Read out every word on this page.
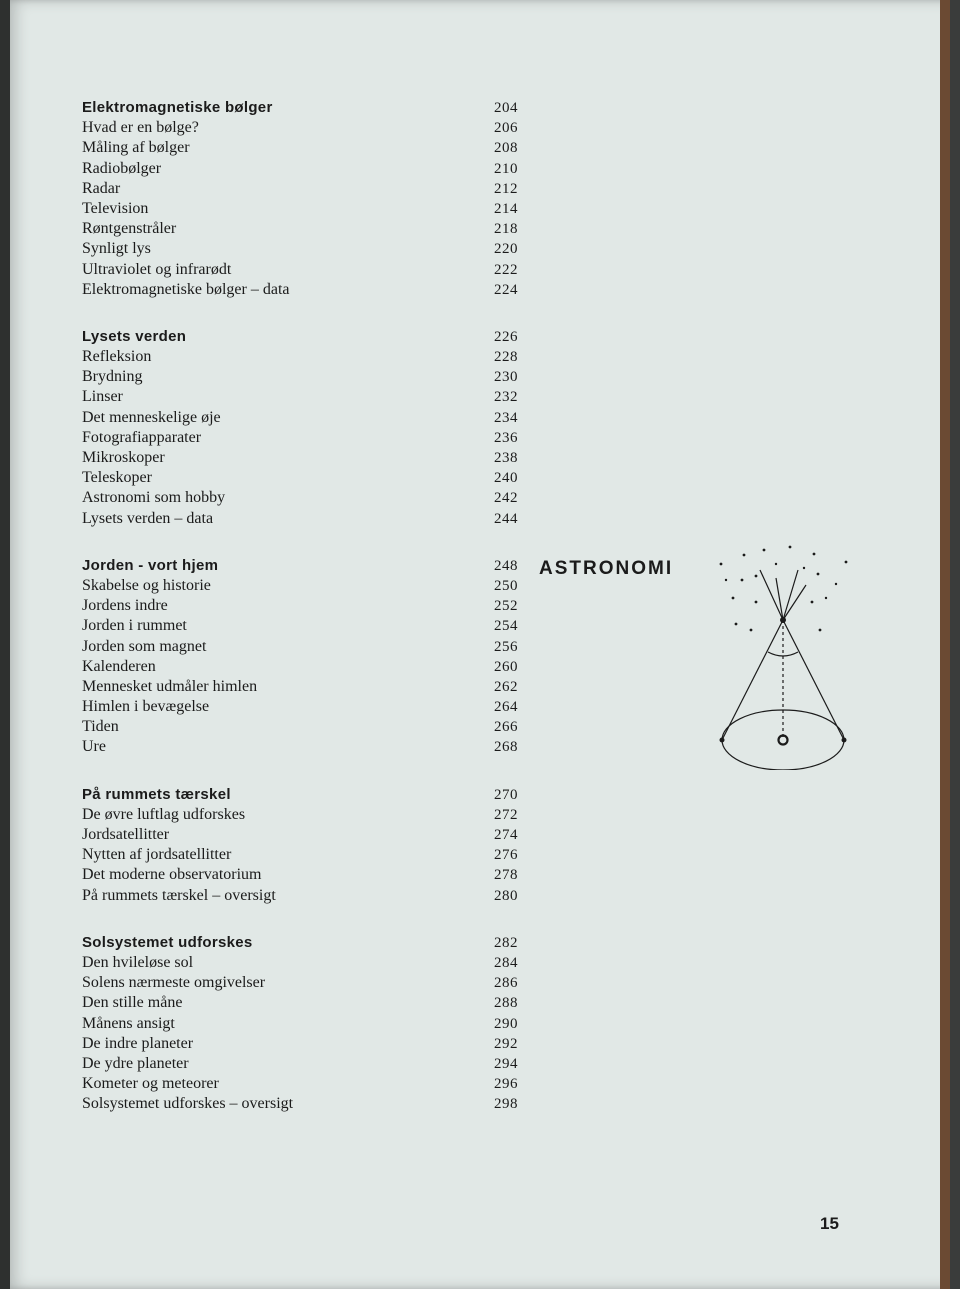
Elektromagnetiske bølger	204
Hvad er en bølge?	206
Måling af bølger	208
Radiobølger	210
Radar	212
Television	214
Røntgenstråler	218
Synligt lys	220
Ultraviolet og infrarødt	222
Elektromagnetiske bølger – data	224
Lysets verden	226
Refleksion	228
Brydning	230
Linser	232
Det menneskelige øje	234
Fotografiapparater	236
Mikroskoper	238
Teleskoper	240
Astronomi som hobby	242
Lysets verden – data	244
Jorden - vort hjem	248
Skabelse og historie	250
Jordens indre	252
Jorden i rummet	254
Jorden som magnet	256
Kalenderen	260
Mennesket udmåler himlen	262
Himlen i bevægelse	264
Tiden	266
Ure	268
På rummets tærskel	270
De øvre luftlag udforskes	272
Jordsatellitter	274
Nytten af jordsatellitter	276
Det moderne observatorium	278
På rummets tærskel – oversigt	280
Solsystemet udforskes	282
Den hvileløse sol	284
Solens nærmeste omgivelser	286
Den stille måne	288
Månens ansigt	290
De indre planeter	292
De ydre planeter	294
Kometer og meteorer	296
Solsystemet udforskes – oversigt	298
ASTRONOMI
15
